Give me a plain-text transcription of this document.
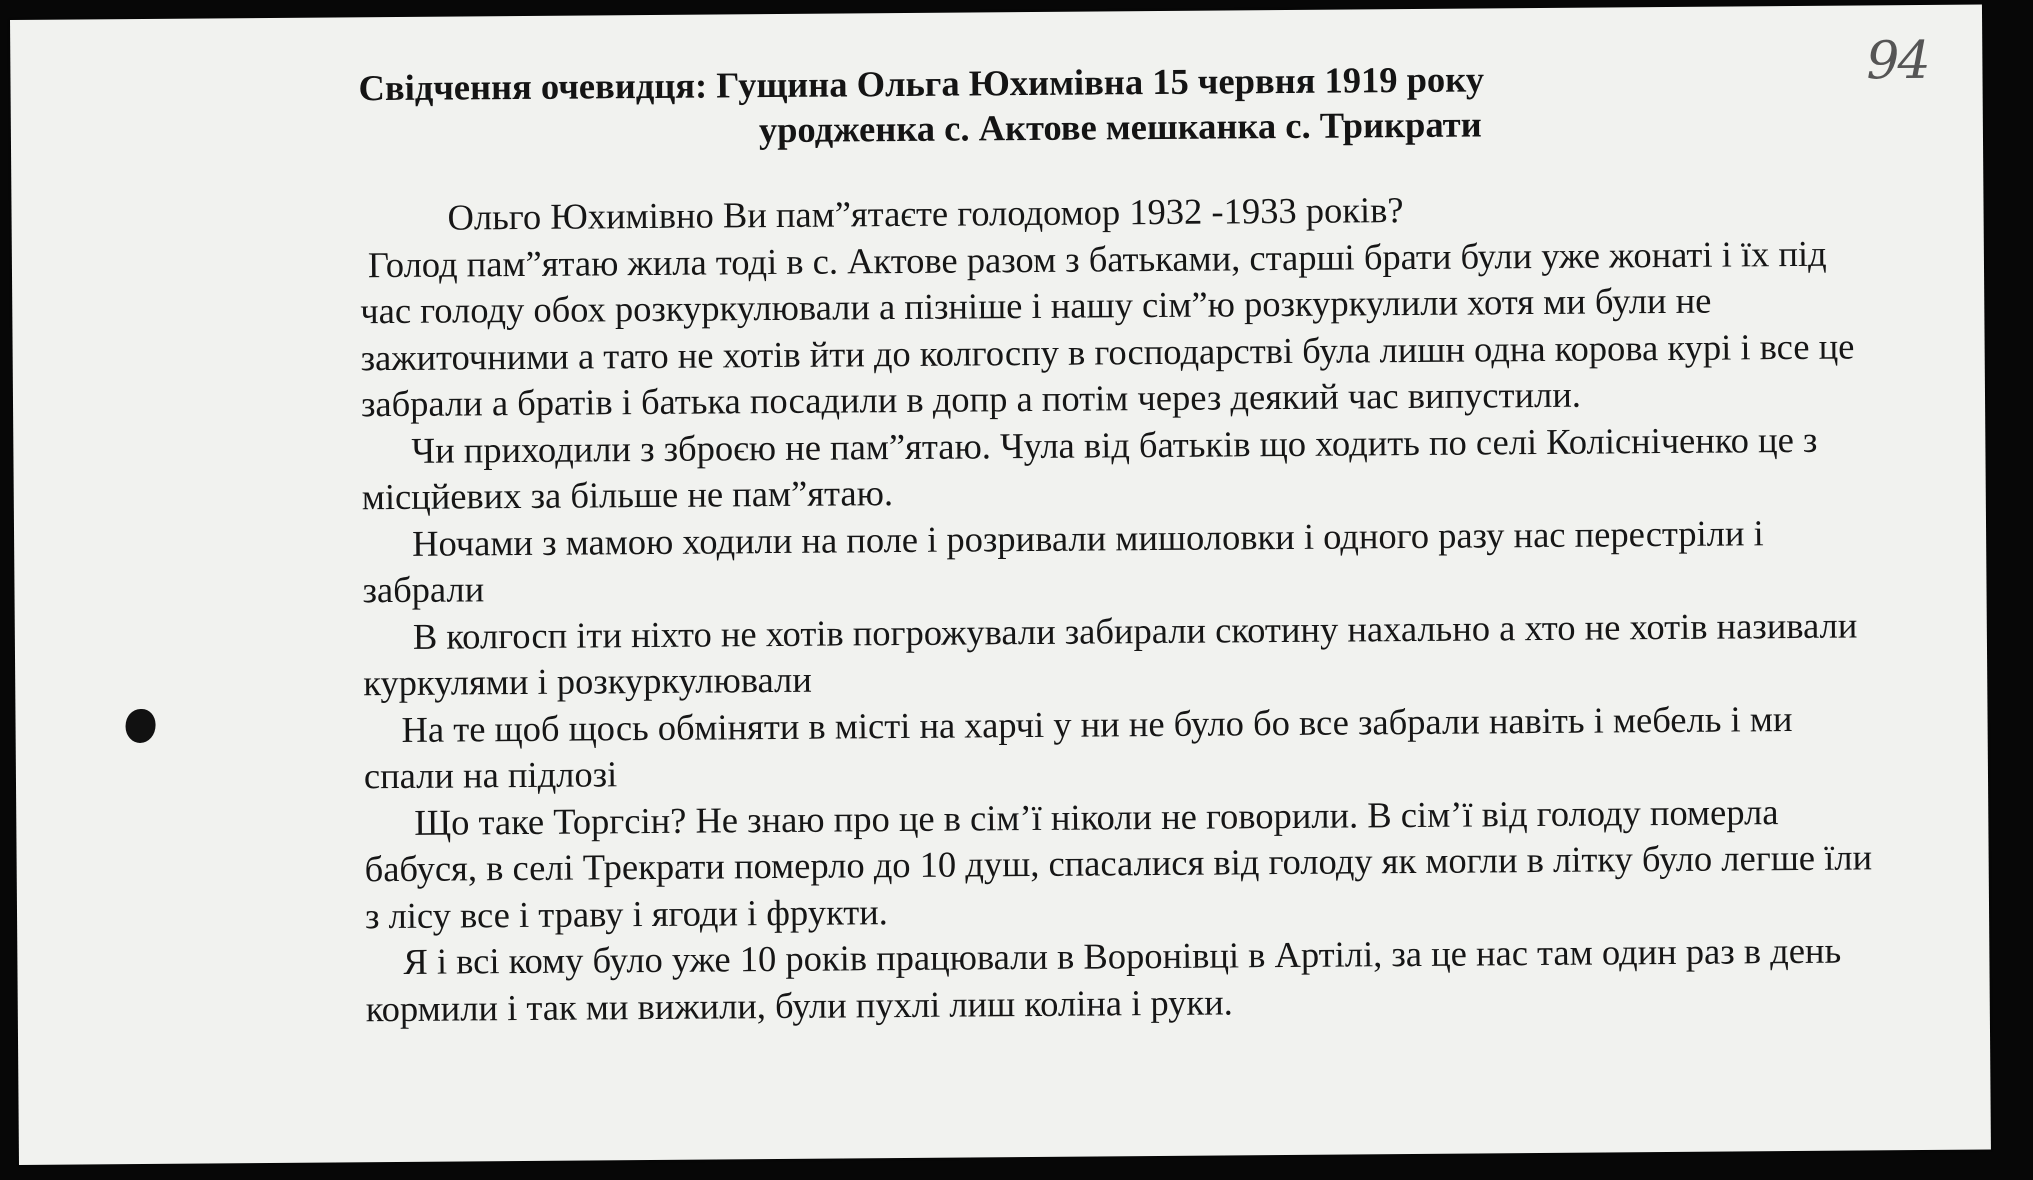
94
Свідчення очевидця: Гущина Ольга Юхимівна 15 червня 1919 року
уродженка с. Актове мешканка с. Трикрати

Ольго Юхимівно Ви пам”ятаєте голодомор 1932 -1933 років?

Голод пам”ятаю жила тоді в с. Актове разом з батьками, старші брати були уже жонаті і їх під час голоду обох розкуркулювали а пізніше і нашу сім”ю розкуркулили хотя ми були не зажиточними а тато не хотів йти до колгоспу в господарстві була лишн одна корова курі і все це забрали а братів і батька посадили в допр а потім через деякий час випустили.

Чи приходили з зброєю не пам”ятаю. Чула від батьків що ходить по селі Колісніченко це з місцйевих за більше не пам”ятаю.

Ночами з мамою ходили на поле і розривали мишоловки і одного разу нас перестріли і забрали

В колгосп іти ніхто не хотів погрожували забирали скотину нахально а хто не хотів називали куркулями і розкуркулювали

На те щоб щось обміняти в місті на харчі у ни не було бо все забрали навіть і мебель і ми спали на підлозі

Що таке Торгсін? Не знаю про це в сім’ї ніколи не говорили. В сім’ї від голоду померла бабуся, в селі Трекрати померло до 10 душ, спасалися від голоду як могли в літку було легше їли з лісу все і траву і ягоди і фрукти.

Я і всі кому було уже 10 років працювали в Воронівці в Артілі, за це нас там один раз в день кормили і так ми вижили, були пухлі лиш коліна і руки.
